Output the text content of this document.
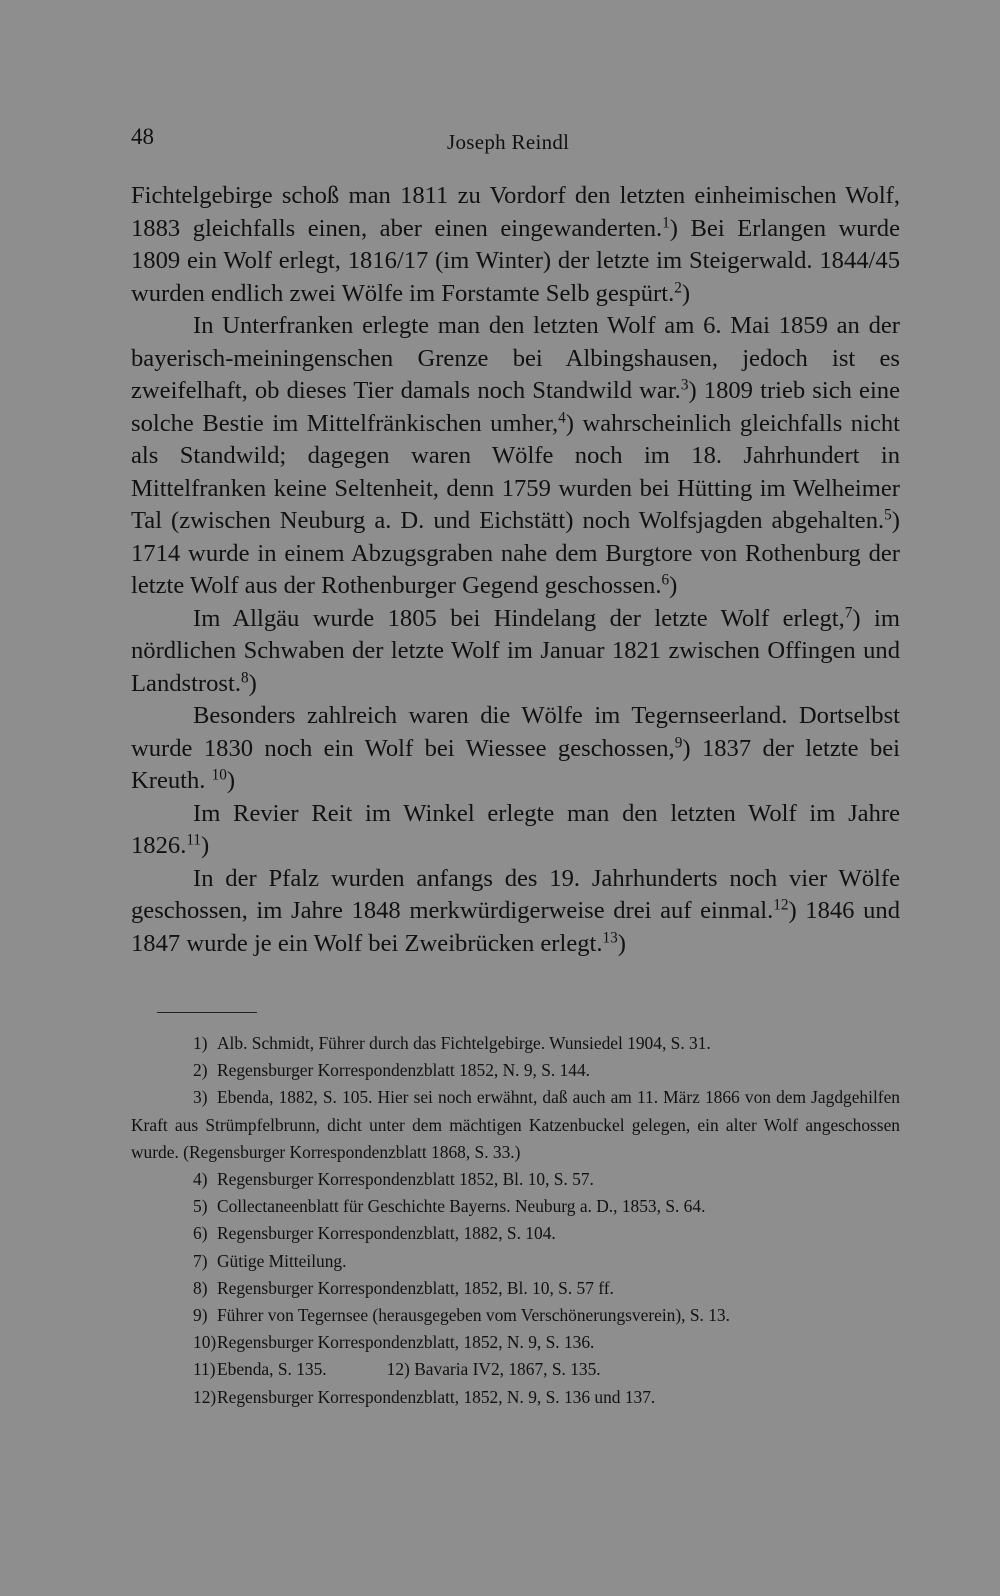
48	Joseph Reindl

Fichtelgebirge schoß man 1811 zu Vordorf den letzten einheimischen Wolf, 1883 gleichfalls einen, aber einen eingewanderten.$^1$) Bei Erlangen wurde 1809 ein Wolf erlegt, 1816/17 (im Winter) der letzte im Steigerwald. 1844/45 wurden endlich zwei Wölfe im Forstamte Selb gespürt.$^2$)

In Unterfranken erlegte man den letzten Wolf am 6. Mai 1859 an der bayerisch-meiningenschen Grenze bei Albingshausen, jedoch ist es zweifelhaft, ob dieses Tier damals noch Standwild war.$^3$) 1809 trieb sich eine solche Bestie im Mittelfränkischen umher,$^4$) wahrscheinlich gleichfalls nicht als Standwild; dagegen waren Wölfe noch im 18. Jahrhundert in Mittelfranken keine Seltenheit, denn 1759 wurden bei Hütting im Welheimer Tal (zwischen Neuburg a. D. und Eichstätt) noch Wolfsjagden abgehalten.$^5$) 1714 wurde in einem Abzugsgraben nahe dem Burgtore von Rothenburg der letzte Wolf aus der Rothenburger Gegend geschossen.$^6$)

Im Allgäu wurde 1805 bei Hindelang der letzte Wolf erlegt,$^7$) im nördlichen Schwaben der letzte Wolf im Januar 1821 zwischen Offingen und Landstrost.$^8$)

Besonders zahlreich waren die Wölfe im Tegernseerland. Dortselbst wurde 1830 noch ein Wolf bei Wiessee geschossen,$^9$) 1837 der letzte bei Kreuth. $^{10}$)

Im Revier Reit im Winkel erlegte man den letzten Wolf im Jahre 1826.11)

In der Pfalz wurden anfangs des 19. Jahrhunderts noch vier Wölfe geschossen, im Jahre 1848 merkwürdigerweise drei auf einmal.$^{12}$) 1846 und 1847 wurde je ein Wolf bei Zweibrücken erlegt.$^{13}$)

1) Alb. Schmidt, Führer durch das Fichtelgebirge. Wunsiedel 1904, S. 31.

2) Regensburger Korrespondenzblatt 1852, N. 9, S. 144.

3) Ebenda, 1882, S. 105. Hier sei noch erwähnt, daß auch am 11. März 1866 von dem Jagdgehilfen Kraft aus Strümpfelbrunn, dicht unter dem mächtigen Katzenbuckel gelegen, ein alter Wolf angeschossen wurde. (Regensburger Korrespondenzblatt 1868, S. 33.)

4) Regensburger Korrespondenzblatt 1852, Bl. 10, S. 57.

5) Collectaneenblatt für Geschichte Bayerns. Neuburg a. D., 1853, S. 64.

6) Regensburger Korrespondenzblatt, 1882, S. 104.

7) Gütige Mitteilung.

8) Regensburger Korrespondenzblatt, 1852, Bl. 10, S. 57 ff.

9) Führer von Tegernsee (herausgegeben vom Verschönerungsverein), S. 13.

10)Regensburger Korrespondenzblatt, 1852, N. 9, S. 136.

11)Ebenda, S. 135.	12) Bavaria IV2, 1867, S. 135.

12)Regensburger Korrespondenzblatt, 1852, N. 9, S. 136 und 137.
